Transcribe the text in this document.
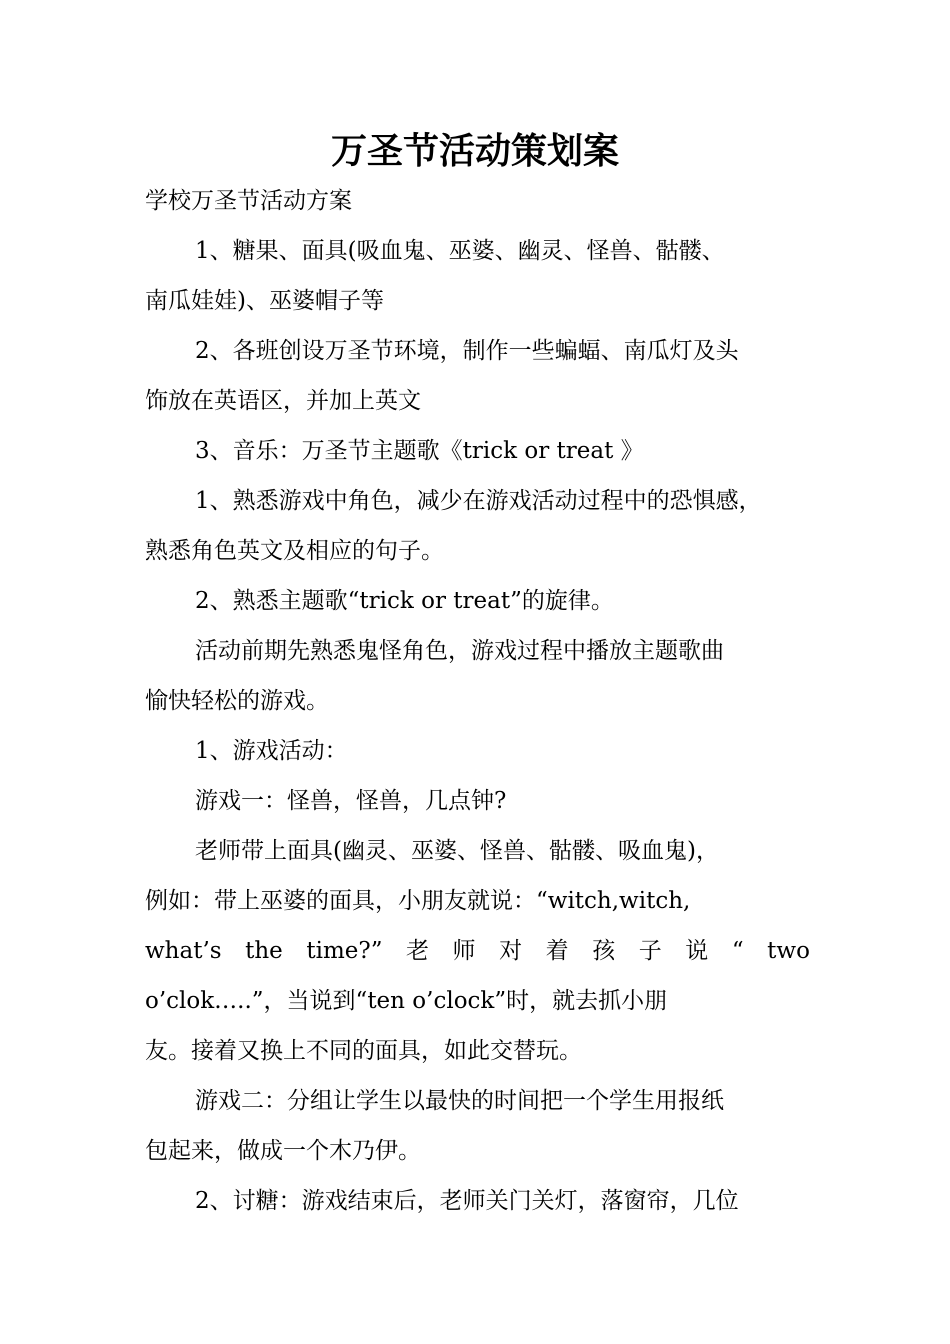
万圣节活动策划案

学校万圣节活动方案

1、糖果、面具(吸血鬼、巫婆、幽灵、怪兽、骷髅、

南瓜娃娃)、巫婆帽子等

2、各班创设万圣节环境，制作一些蝙蝠、南瓜灯及头

饰放在英语区，并加上英文

3、音乐：万圣节主题歌《trick or treat 》

1、熟悉游戏中角色，减少在游戏活动过程中的恐惧感，

熟悉角色英文及相应的句子。

2、熟悉主题歌“trick or treat”的旋律。

活动前期先熟悉鬼怪角色，游戏过程中播放主题歌曲

愉快轻松的游戏。

1、游戏活动：

游戏一：怪兽，怪兽，几点钟?

老师带上面具(幽灵、巫婆、怪兽、骷髅、吸血鬼)，

例如：带上巫婆的面具，小朋友就说：“witch,witch,

what’s the time?” 老 师 对 着 孩 子 说 “ two

o’clok…..”，当说到“ten o’clock”时，就去抓小朋

友。接着又换上不同的面具，如此交替玩。

游戏二：分组让学生以最快的时间把一个学生用报纸

包起来，做成一个木乃伊。

2、讨糖：游戏结束后，老师关门关灯，落窗帘，几位
